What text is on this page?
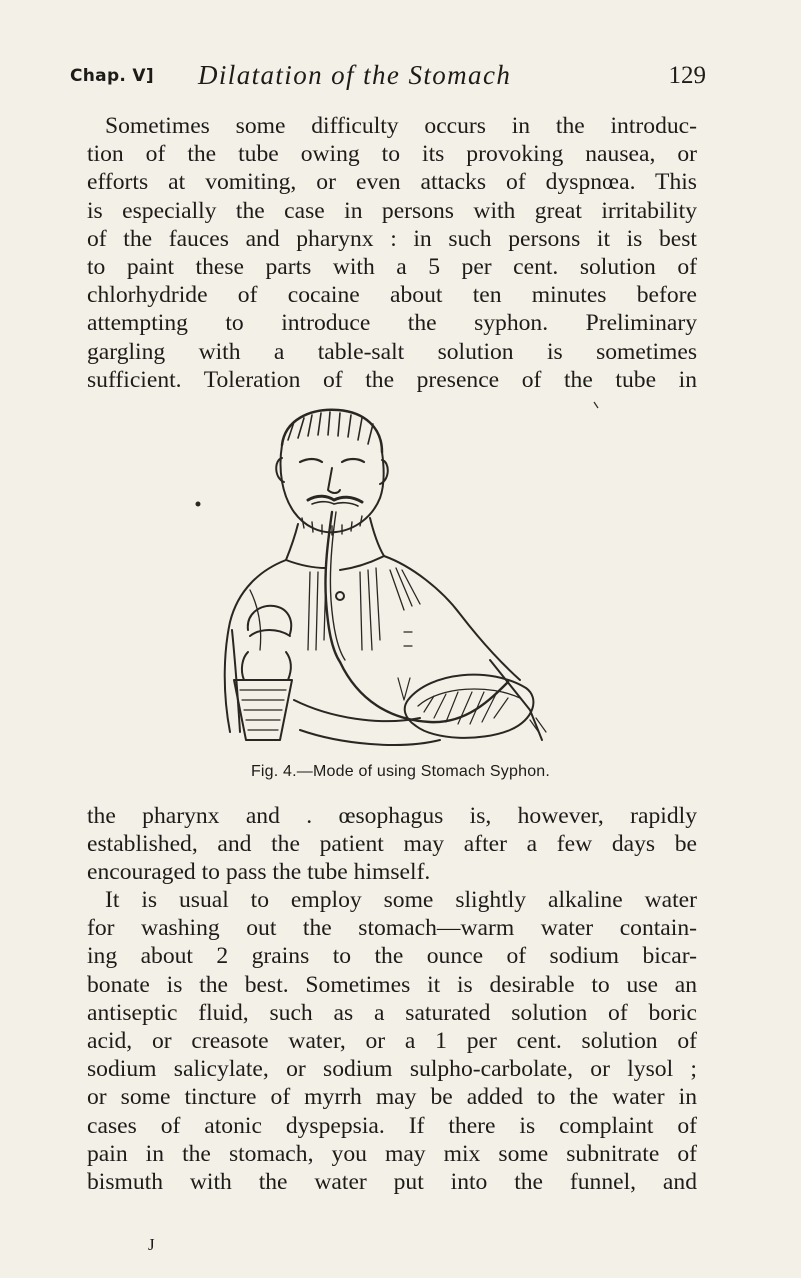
Chap. V] Dilatation of the Stomach	129
Sometimes some difficulty occurs in the introduc-
tion of the tube owing to its provoking nausea, or
efforts at vomiting, or even attacks of dyspnœa. This
is especially the case in persons with great irritability
of the fauces and pharynx : in such persons it is best
to paint these parts with a 5 per cent. solution of
chlorhydride of cocaine about ten minutes before
attempting to introduce the syphon. Preliminary
gargling with a table-salt solution is sometimes
sufficient. Toleration of the presence of the tube in
Fig. 4.—Mode of using Stomach Syphon.
the pharynx and . œsophagus is, however, rapidly
established, and the patient may after a few days be
encouraged to pass the tube himself.
It is usual to employ some slightly alkaline water
for washing out the stomach—warm water contain-
ing about 2 grains to the ounce of sodium bicar-
bonate is the best. Sometimes it is desirable to use an
antiseptic fluid, such as a saturated solution of boric
acid, or creasote water, or a 1 per cent. solution of
sodium salicylate, or sodium sulpho-carbolate, or lysol ;
or some tincture of myrrh may be added to the water in
cases of atonic dyspepsia. If there is complaint of
pain in the stomach, you may mix some subnitrate of
bismuth with the water put into the funnel, and
J
